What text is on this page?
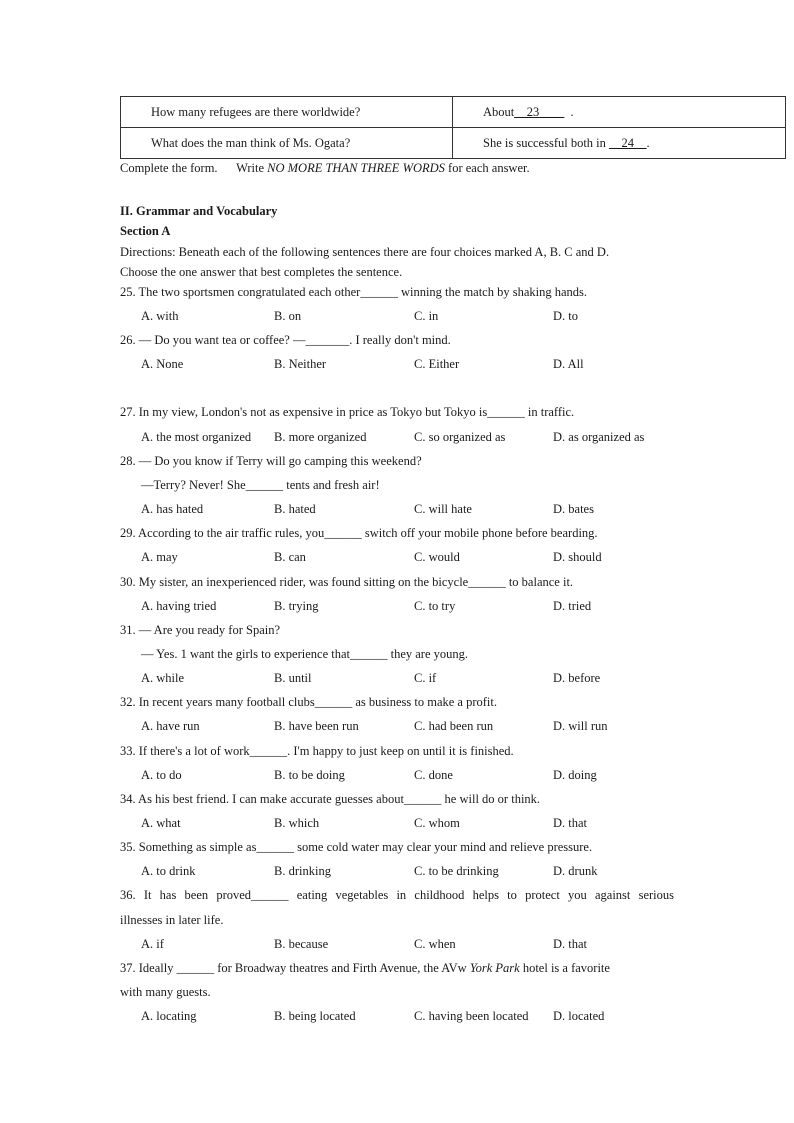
How many refugees are there worldwide?	About__23____ .
What does the man think of Ms. Ogata?	She is successful both in __24__.
Complete the form.      Write NO MORE THAN THREE WORDS for each answer.
II. Grammar and Vocabulary
Section A
Directions: Beneath each of the following sentences there are four choices marked A, B. C and D.
Choose the one answer that best completes the sentence.
25. The two sportsmen congratulated each other______ winning the match by shaking hands.
A. with	B. on	C. in	D. to
26. — Do you want tea or coffee? —_______. I really don't mind.
A. None	B. Neither	C. Either	D. All
27. In my view, London's not as expensive in price as Tokyo but Tokyo is______ in traffic.
A. the most organized B. more organized	C. so organized as	D. as organized as
28. — Do you know if Terry will go camping this weekend?
—Terry? Never! She______ tents and fresh air!
A. has hated	B. hated	C. will hate	D. bates
29. According to the air traffic rules, you______ switch off your mobile phone before bearding.
A. may	B. can	C. would	D. should
30. My sister, an inexperienced rider, was found sitting on the bicycle______ to balance it.
A. having tried	B. trying	C. to try	D. tried
31. — Are you ready for Spain?
— Yes. 1 want the girls to experience that______ they are young.
A. while	B. until	C. if	D. before
32. In recent years many football clubs______ as business to make a profit.
A. have run	B. have been run	C. had been run	D. will run
33. If there's a lot of work______. I'm happy to just keep on until it is finished.
A. to do	B. to be doing	C. done	D. doing
34. As his best friend. I can make accurate guesses about______ he will do or think.
A. what	B. which	C. whom	D. that
35. Something as simple as______ some cold water may clear your mind and relieve pressure.
A. to drink	B. drinking	C. to be drinking	D. drunk
36. It has been proved______ eating vegetables in childhood helps to protect you against serious
illnesses in later life.
A. if	B. because	C. when	D. that
37. Ideally ______ for Broadway theatres and Firth Avenue, the AVw York Park hotel is a favorite
with many guests.
A. locating	B. being located	C. having been located D. located
